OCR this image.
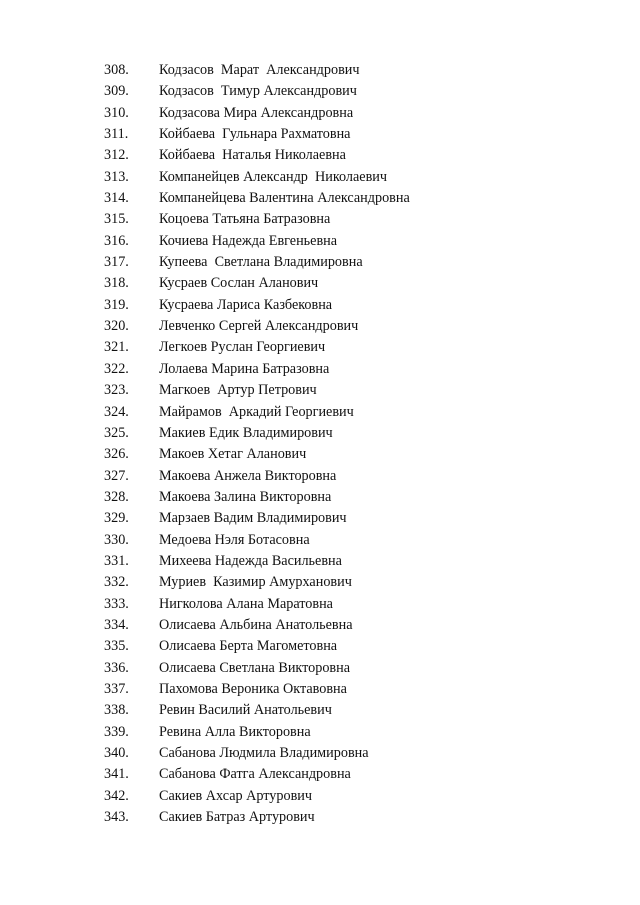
308.	Кодзасов  Марат  Александрович
309.	Кодзасов  Тимур Александрович
310.	Кодзасова Мира Александровна
311.	Койбаева  Гульнара Рахматовна
312.	Койбаева  Наталья Николаевна
313.	Компанейцев Александр  Николаевич
314.	Компанейцева Валентина Александровна
315.	Коцоева Татьяна Батразовна
316.	Кочиева Надежда Евгеньевна
317.	Купеева  Светлана Владимировна
318.	Кусраев Сослан Аланович
319.	Кусраева Лариса Казбековна
320.	Левченко Сергей Александрович
321.	Легкоев Руслан Георгиевич
322.	Лолаева Марина Батразовна
323.	Магкоев  Артур Петрович
324.	Майрамов  Аркадий Георгиевич
325.	Макиев Едик Владимирович
326.	Макоев Хетаг Аланович
327.	Макоева Анжела Викторовна
328.	Макоева Залина Викторовна
329.	Марзаев Вадим Владимирович
330.	Медоева Нэля Ботасовна
331.	Михеева Надежда Васильевна
332.	Муриев  Казимир Амурханович
333.	Нигколова Алана Маратовна
334.	Олисаева Альбина Анатольевна
335.	Олисаева Берта Магометовна
336.	Олисаева Светлана Викторовна
337.	Пахомова Вероника Октавовна
338.	Ревин Василий Анатольевич
339.	Ревина Алла Викторовна
340.	Сабанова Людмила Владимировна
341.	Сабанова Фатга Александровна
342.	Сакиев Ахсар Артурович
343.	Сакиев Батраз Артурович
